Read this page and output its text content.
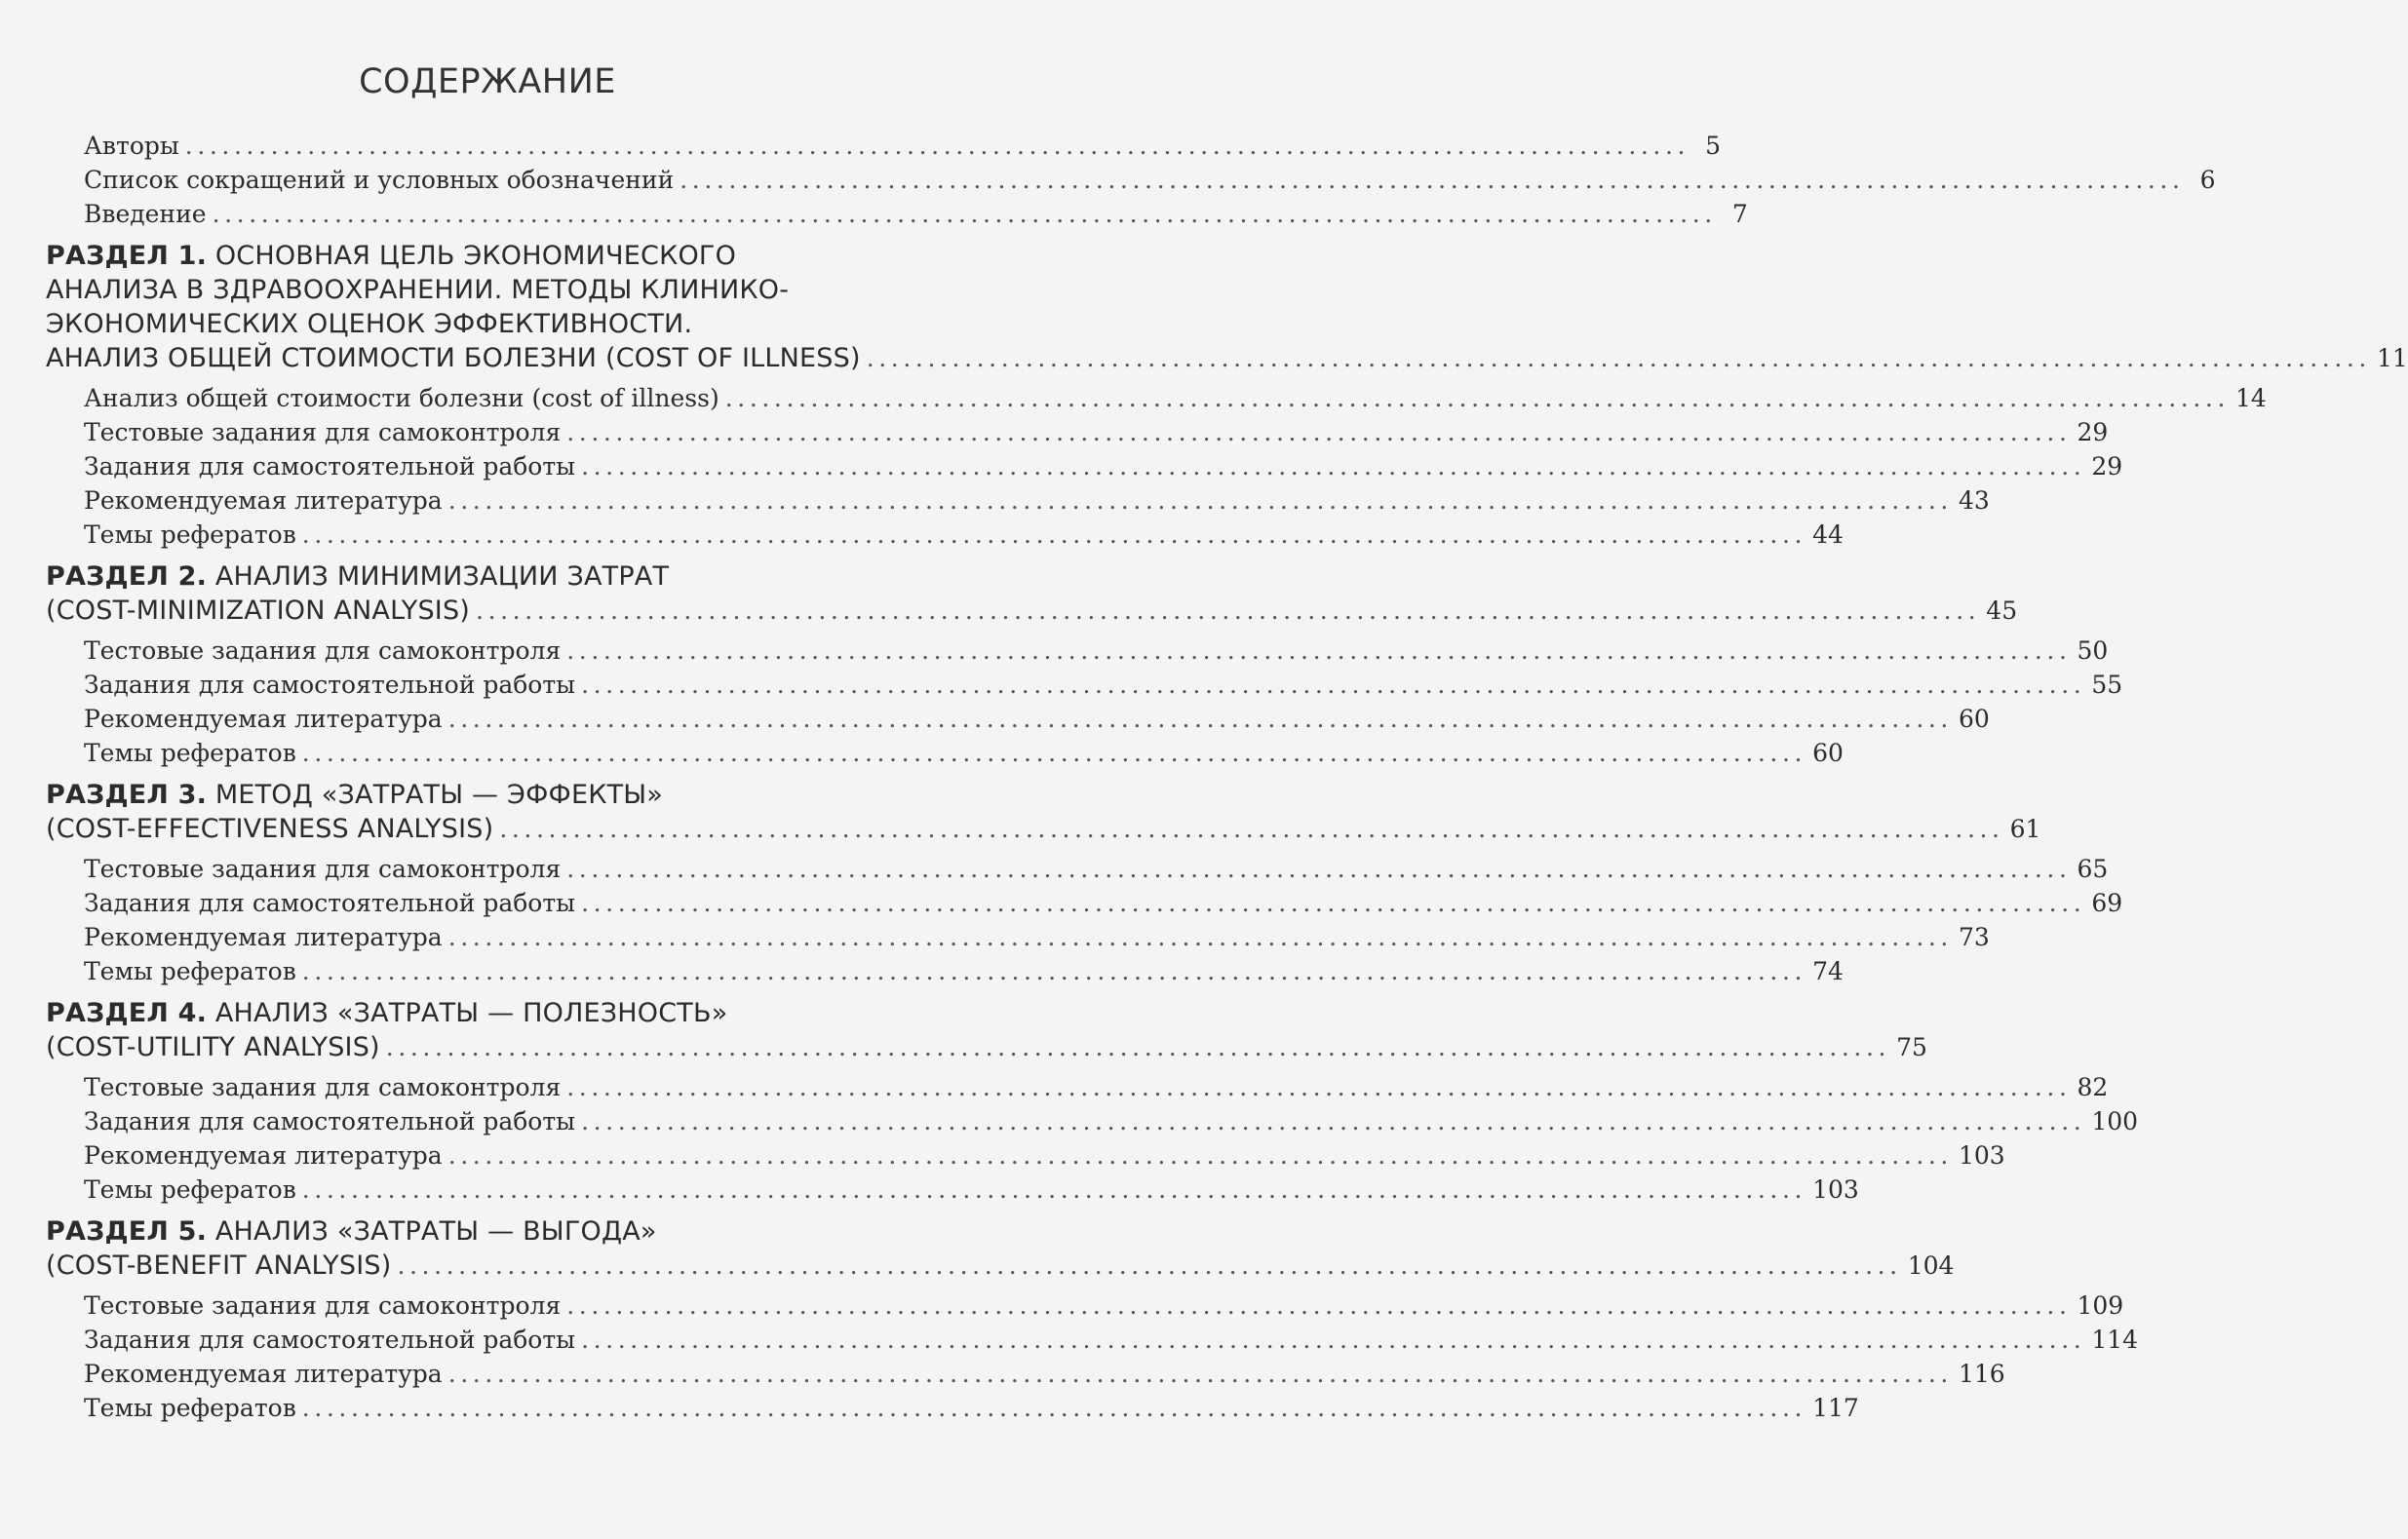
СОДЕРЖАНИЕ
Авторы ........................................................................................................................... 5
Список сокращений и условных обозначений ........................................................................................................................... 6
Введение ........................................................................................................................... 7
РАЗДЕЛ 1. ОСНОВНАЯ ЦЕЛЬ ЭКОНОМИЧЕСКОГО
АНАЛИЗА В ЗДРАВООХРАНЕНИИ. МЕТОДЫ КЛИНИКО-
ЭКОНОМИЧЕСКИХ ОЦЕНОК ЭФФЕКТИВНОСТИ.
АНАЛИЗ ОБЩЕЙ СТОИМОСТИ БОЛЕЗНИ (COST OF ILLNESS) ........................................................................................................................... 11
Анализ общей стоимости болезни (cost of illness) ........................................................................................................................... 14
Тестовые задания для самоконтроля ........................................................................................................................... 29
Задания для самостоятельной работы ........................................................................................................................... 29
Рекомендуемая литература ........................................................................................................................... 43
Темы рефератов ........................................................................................................................... 44
РАЗДЕЛ 2. АНАЛИЗ МИНИМИЗАЦИИ ЗАТРАТ
(COST-MINIMIZATION ANALYSIS) ........................................................................................................................... 45
Тестовые задания для самоконтроля ........................................................................................................................... 50
Задания для самостоятельной работы ........................................................................................................................... 55
Рекомендуемая литература ........................................................................................................................... 60
Темы рефератов ........................................................................................................................... 60
РАЗДЕЛ 3. МЕТОД «ЗАТРАТЫ — ЭФФЕКТЫ»
(COST-EFFECTIVENESS ANALYSIS) ........................................................................................................................... 61
Тестовые задания для самоконтроля ........................................................................................................................... 65
Задания для самостоятельной работы ........................................................................................................................... 69
Рекомендуемая литература ........................................................................................................................... 73
Темы рефератов ........................................................................................................................... 74
РАЗДЕЛ 4. АНАЛИЗ «ЗАТРАТЫ — ПОЛЕЗНОСТЬ»
(COST-UTILITY ANALYSIS) ........................................................................................................................... 75
Тестовые задания для самоконтроля ........................................................................................................................... 82
Задания для самостоятельной работы ........................................................................................................................... 100
Рекомендуемая литература ........................................................................................................................... 103
Темы рефератов ........................................................................................................................... 103
РАЗДЕЛ 5. АНАЛИЗ «ЗАТРАТЫ — ВЫГОДА»
(COST-BENEFIT ANALYSIS) ........................................................................................................................... 104
Тестовые задания для самоконтроля ........................................................................................................................... 109
Задания для самостоятельной работы ........................................................................................................................... 114
Рекомендуемая литература ........................................................................................................................... 116
Темы рефератов ........................................................................................................................... 117
